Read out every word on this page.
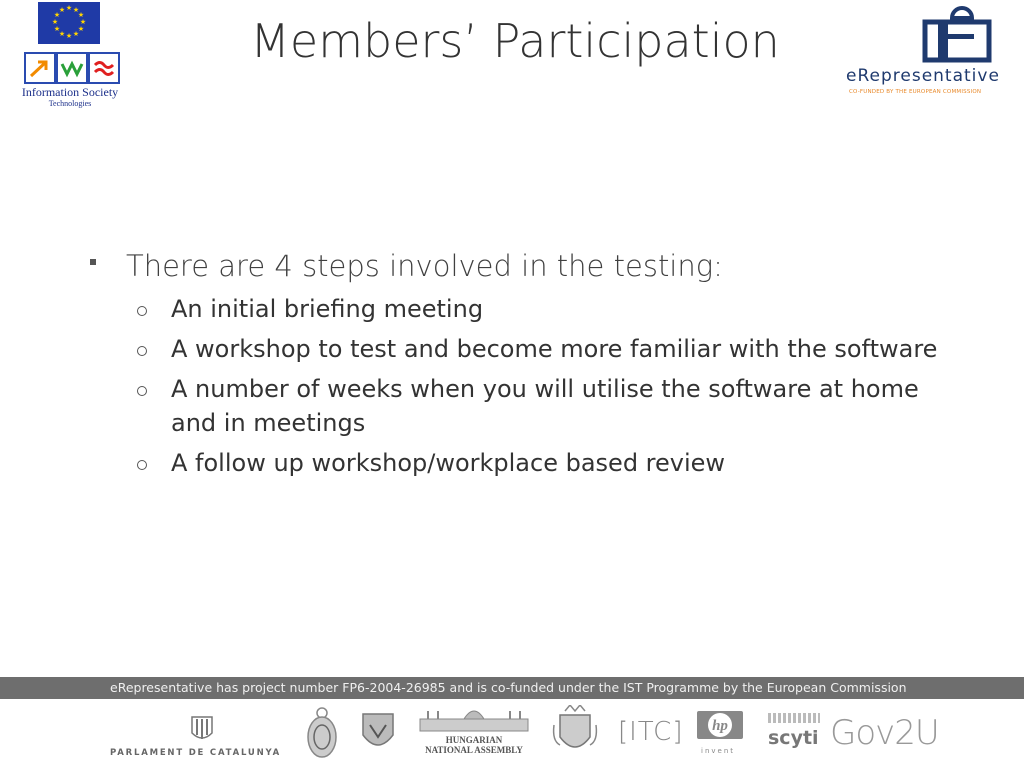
★ ★
★
★
★
★
★
★
★
★
★
★
Information Society
Technologies
Members’ Participation
eRepresentative
CO-FUNDED BY THE EUROPEAN COMMISSION
There are 4 steps involved in the testing:
An initial briefing meeting
A workshop to test and become more familiar with the software
A number of weeks when you will utilise the software at home and in meetings
A follow up workshop/workplace based review
eRepresentative has project number FP6-2004-26985 and is co-funded under the IST Programme by the European Commission
PARLAMENT DE CATALUNYA
HUNGARIAN
NATIONAL ASSEMBLY
[ITC] hp
invent
scyti Gov2U
